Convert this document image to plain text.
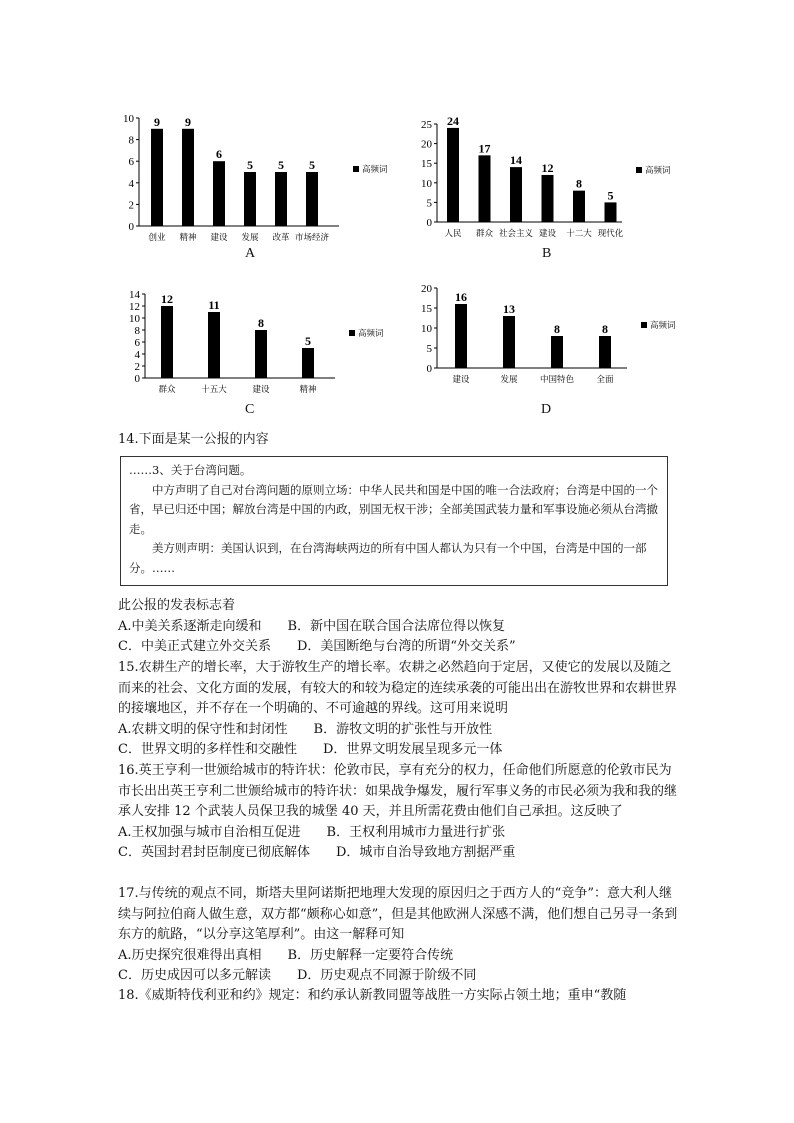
0
2
4
6
8
10 9
创业
9
精神
6
建设
5
发展
5
改革
5
市场经济
高频词
A
0
5
10
15
20
25 24
人民
17
群众
14
社会主义
12
建设
8
十二大
5
现代化
高频词
B
0
2
4
6
8
10
12
14 12
群众
11
十五大
8
建设
5
精神
高频词
C
0
5
10
15
20
16
建设
13
发展
8
中国特色
8
全面
高频词
D

14.下面是某一公报的内容

……3、关于台湾问题。

中方声明了自己对台湾问题的原则立场：中华人民共和国是中国的唯一合法政府；台湾是中国的一个省，早已归还中国；解放台湾是中国的内政，别国无权干涉；全部美国武装力量和军事设施必须从台湾撤走。

美方则声明：美国认识到，在台湾海峡两边的所有中国人都认为只有一个中国，台湾是中国的一部分。……

此公报的发表标志着

A.中美关系逐渐走向缓和　　B．新中国在联合国合法席位得以恢复

C．中美正式建立外交关系　　D．美国断绝与台湾的所谓“外交关系”

15.农耕生产的增长率，大于游牧生产的增长率。农耕之必然趋向于定居，又使它的发展以及随之而来的社会、文化方面的发展，有较大的和较为稳定的连续承袭的可能出出在游牧世界和农耕世界的接壤地区，并不存在一个明确的、不可逾越的界线。这可用来说明

A.农耕文明的保守性和封闭性　　B．游牧文明的扩张性与开放性

C．世界文明的多样性和交融性　　D．世界文明发展呈现多元一体

16.英王亨利一世颁给城市的特许状：伦敦市民，享有充分的权力，任命他们所愿意的伦敦市民为市长出出英王亨利二世颁给城市的特许状：如果战争爆发，履行军事义务的市民必须为我和我的继承人安排 12 个武装人员保卫我的城堡 40 天，并且所需花费由他们自己承担。这反映了

A.王权加强与城市自治相互促进　　B．王权利用城市力量进行扩张

C．英国封君封臣制度已彻底解体　　D．城市自治导致地方割据严重

17.与传统的观点不同，斯塔夫里阿诺斯把地理大发现的原因归之于西方人的“竞争”：意大利人继续与阿拉伯商人做生意，双方都“颇称心如意”，但是其他欧洲人深感不满，他们想自己另寻一条到东方的航路，“以分享这笔厚利”。由这一解释可知

A.历史探究很难得出真相　　B．历史解释一定要符合传统

C．历史成因可以多元解读　　D．历史观点不同源于阶级不同

18.《威斯特伐利亚和约》规定：和约承认新教同盟等战胜一方实际占领土地；重申“教随
